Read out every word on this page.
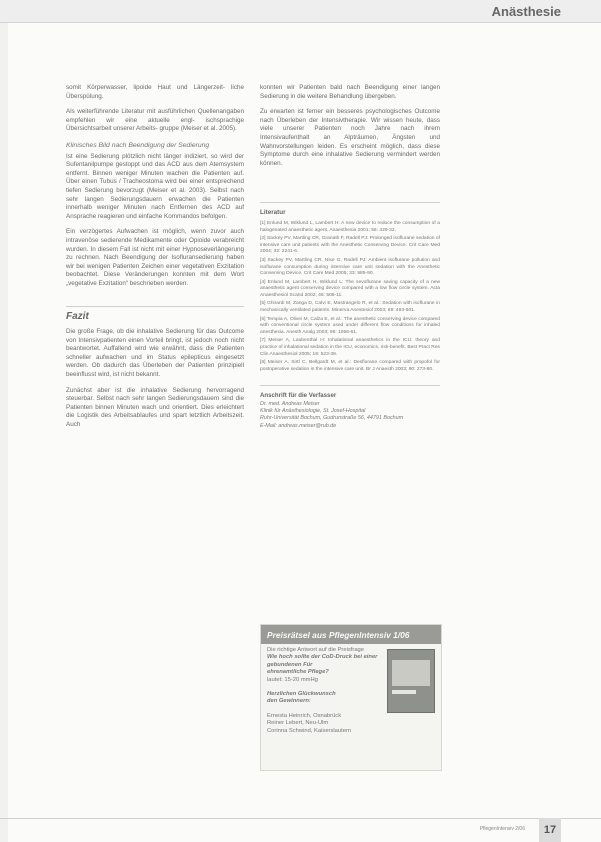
Anästhesie

somit Körperwasser, lipoide Haut und Längerzeit- liche Überspülung.

Als weiterführende Literatur mit ausführlichen Quellenangaben empfehlen wir eine aktuelle engl- ischsprachige Übersichtsarbeit unserer Arbeits- gruppe (Meiser et al. 2005).

Klinisches Bild nach Beendigung der Sedierung

Ist eine Sedierung plötzlich nicht länger indiziert, so wird der Sufentanilpumpe gestoppt und das ACD aus dem Atemsystem entfernt. Binnen weniger Minuten wachen die Patienten auf. Über einen Tubus / Tracheostoma wird bei einer entsprechend tiefen Sedierung bevorzugt (Meiser et al. 2003). Selbst nach sehr langen Sedierungsdauern erwachen die Patienten innerhalb weniger Minuten nach Entfernen des ACD auf Ansprache reagieren und einfache Kommandos befolgen.

Ein verzögertes Aufwachen ist möglich, wenn zuvor auch intravenöse sedierende Medikamente oder Opioide verabreicht wurden. In diesem Fall ist nicht mit einer Hypnoseverlängerung zu rechnen. Nach Beendigung der Isofluransedierung haben wir bei wenigen Patienten Zeichen einer vegetativen Exzitation beobachtet. Diese Veränderungen konnten mit dem Wort „vegetative Exzitation“ beschrieben werden.

Fazit

Die große Frage, ob die inhalative Sedierung für das Outcome von Intensivpatienten einen Vorteil bringt, ist jedoch noch nicht beantwortet. Auffallend wird wie erwähnt, dass die Patienten schneller aufwachen und im Status epilepticus eingesetzt werden. Ob dadurch das Überleben der Patienten prinzipiell beeinflusst wird, ist nicht bekannt.

Zunächst aber ist die inhalative Sedierung hervorragend steuerbar. Selbst nach sehr langen Sedierungsdauern sind die Patienten binnen Minuten wach und orientiert. Dies erleichtert die Logistik des Arbeitsablaufes und spart letztlich Arbeitszeit. Auch

konnten wir Patienten bald nach Beendigung einer langen Sedierung in die weitere Behandlung übergeben.

Zu erwarten ist ferner ein besseres psychologisches Outcome nach Überleben der Intensivtherapie. Wir wissen heute, dass viele unserer Patienten noch Jahre nach ihrem Intensivaufenthalt an Alpträumen, Ängsten und Wahnvorstellungen leiden. Es erscheint möglich, dass diese Symptome durch eine inhalative Sedierung vermindert werden können.

Literatur
[1] Enlund M, Wiklund L, Lambert H: A new device to reduce the consumption of a halogenated anaesthetic agent. Anaesthesia 2001; 56: 429-32.
[2] Sackey PV, Martling CR, Granath F, Radell PJ: Prolonged isoflurane sedation of intensive care unit patients with the Anesthetic Conserving Device. Crit Care Med 2004; 32: 2241-6.
[3] Sackey PV, Martling CR, Nise G, Radell PJ: Ambient isoflurane pollution and isoflurane consumption during intensive care unit sedation with the Anesthetic Conserving Device. Crit Care Med 2005; 33: 585-90.
[4] Enlund M, Lambert H, Wiklund L: The sevoflurane saving capacity of a new anaesthetic agent conserving device compared with a low flow circle system. Acta Anaesthesiol Scand 2002; 46: 506-11.
[5] Ghirardi M, Zanga D, Calvi E, Mastrangelo R, et al.: Sedation with isoflurane in mechanically ventilated patients. Minerva Anestesiol 2003; 69: 493-501.
[6] Tempia A, Olivei M, Calza E, et al.: The anesthetic conserving device compared with conventional circle system used under different flow conditions for inhaled anesthesia. Anesth Analg 2003; 96: 1056-61.
[7] Meiser A, Laubenthal H: Inhalational anaesthetics in the ICU: theory and practice of inhalational sedation in the ICU, economics, risk-benefit. Best Pract Res Clin Anaesthesiol 2005; 19: 523-38.
[8] Meiser A, Sirtl C, Bellgardt M, et al.: Desflurane compared with propofol for postoperative sedation in the intensive care unit. Br J Anaesth 2003; 90: 273-80.
Anschrift für die Verfasser
Dr. med. Andreas Meiser
Klinik für Anästhesiologie, St. Josef-Hospital
Ruhr-Universität Bochum, Gudrunstraße 56, 44791 Bochum
E-Mail: andreas.meiser@rub.de
Preisrätsel aus PflegenIntensiv 1/06
Die richtige Antwort auf die Preisfrage
Wie hoch sollte der CoD-Druck bei einer gebundenen Für
ehrenamtliche Pflege?
lautet: 15-20 mmHg
Herzlichen Glückwunsch
den Gewinnern:
Ernesta Heinrich, Osnabrück
Reiner Lebert, Neu-Ulm
Corinna Schwind, Kaiserslautern
PflegenIntensiv 2/06	17
